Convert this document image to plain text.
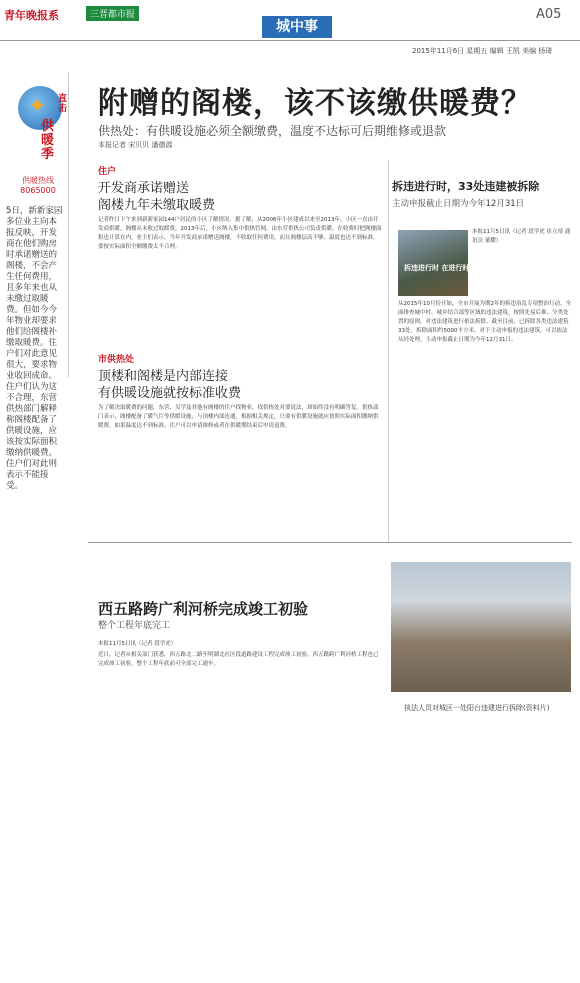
青年晚报系	三晋都市报
城中事
A05
2015年11月6日 星期五 编辑 王凯 美编 杨琦
✦ 直击
供暖季
供暖热线
8065000
5日，新新家园多位业主向本报反映，开发商在他们购房时承诺赠送的阁楼，不会产生任何费用，且多年来也从未缴过取暖费。但如今今年物业却要求他们给阁楼补缴取暖费。住户们对此意见很大，要求物业收回成命。住户们认为这不合理，东营供热部门解释称阁楼配备了供暖设施，应该按实际面积缴纳供暖费。住户们对此则表示不能接受。
附赠的阁楼，该不该缴供暖费？
供热处：有供暖设施必须全额缴费，温度不达标可后期维修或退款
本报记者 宋贝贝 潘德源
住户
开发商承诺赠送
阁楼九年未缴取暖费
记者昨日下午来到新新家园144户居民的小区了解情况。据了解，从2006年小区建成以来至2013年，小区一直由开发商供暖，阁楼从未收过取暖费。2013年后，小区纳入集中供热管网，由东营供热公司负责供暖，在收费时把阁楼面积也计算在内。业主们表示，当年开发商承诺赠送阁楼，不收取任何费用，而且阁楼层高不够、温度也达不到标准，要按实际面积全额缴费太不合理。
市供热处
顶楼和阁楼是内部连接
有供暖设施就按标准收费
为了解决取暖费的问题，东营、吴学及其他有阁楼的住户找物业，找供热处对要说法，却始终没有明确答复。供热部门表示，阁楼配备了暖气片等供暖设施，与顶楼内部连通，根据相关规定，只要有供暖设施就应按照实际面积缴纳供暖费。如果温度达不到标准，住户可以申请维修或者在供暖期结束后申请退费。
拆违进行时，33处违建被拆除
主动申报截止日期为今年12月31日
本报11月5日讯（记者 段学虎 崔立靖 通讯员 董耀）
拆违进行时 在进行时
从2015年10月份开始，全市开展为期2年的拆违治乱专项整治行动。全面排查城中村、城乡结合部等区域的违法建筑，按照先易后难、分类处置的原则，对违法建筑进行依法拆除。截至目前，已拆除各类违法建筑33处，拆除面积约5000平方米。对于主动申报的违法建筑，可以依法从轻处理，主动申报截止日期为今年12月31日。
西五路跨广利河桥完成竣工初验
整个工程年底完工
本报11月5日讯（记者 段学虎）
近日，记者从相关部门获悉，西五路北二路至明湖北社区段道路建设工程完成竣工初验，西五路跨广利河桥工程也已完成竣工初验，整个工程年底前可全部完工通车。
执法人员对城区一处阳台违建进行拆除(资料片)
